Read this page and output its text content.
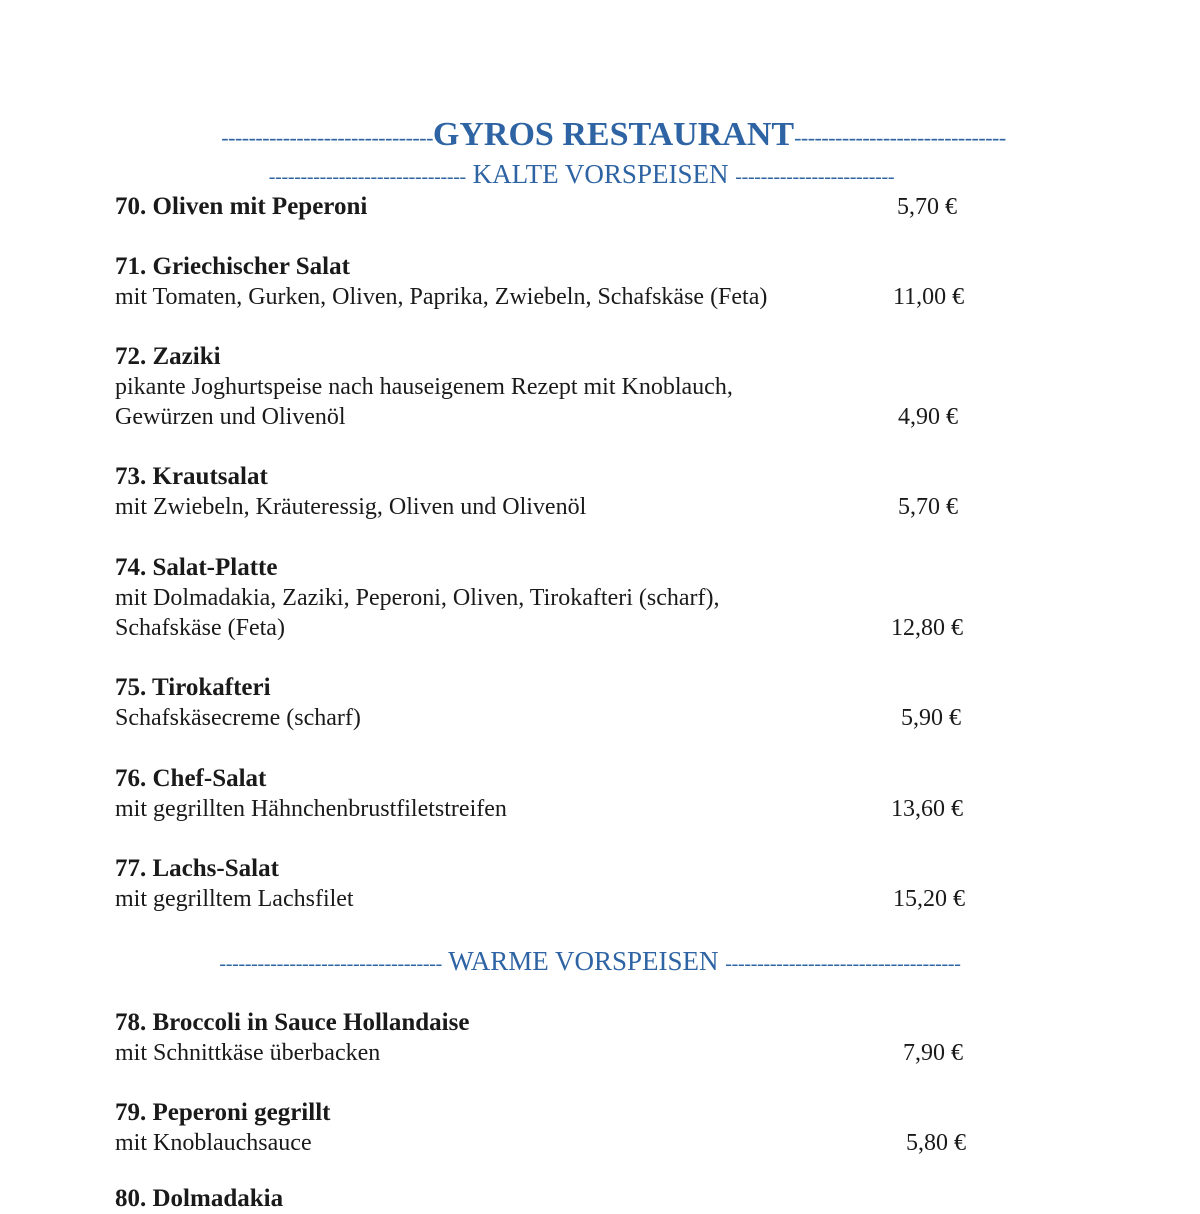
-------------------------------GYROS RESTAURANT-------------------------------
------------------------------- KALTE VORSPEISEN -------------------------
70. Oliven mit Peperoni	5,70 €
71. Griechischer Salat
mit Tomaten, Gurken, Oliven, Paprika, Zwiebeln, Schafskäse (Feta)	11,00 €
72. Zaziki
pikante Joghurtspeise nach hauseigenem Rezept mit Knoblauch,
Gewürzen und Olivenöl	4,90 €
73. Krautsalat
mit Zwiebeln, Kräuteressig, Oliven und Olivenöl	5,70 €
74. Salat-Platte
mit Dolmadakia, Zaziki, Peperoni, Oliven, Tirokafteri (scharf),
Schafskäse (Feta)	12,80 €
75. Tirokafteri
Schafskäsecreme (scharf)	5,90 €
76. Chef-Salat
mit gegrillten Hähnchenbrustfiletstreifen	13,60 €
77. Lachs-Salat
mit gegrilltem Lachsfilet	15,20 €
----------------------------------- WARME VORSPEISEN -------------------------------------
78. Broccoli in Sauce Hollandaise
mit Schnittkäse überbacken	7,90 €
79. Peperoni gegrillt
mit Knoblauchsauce	5,80 €
80. Dolmadakia
